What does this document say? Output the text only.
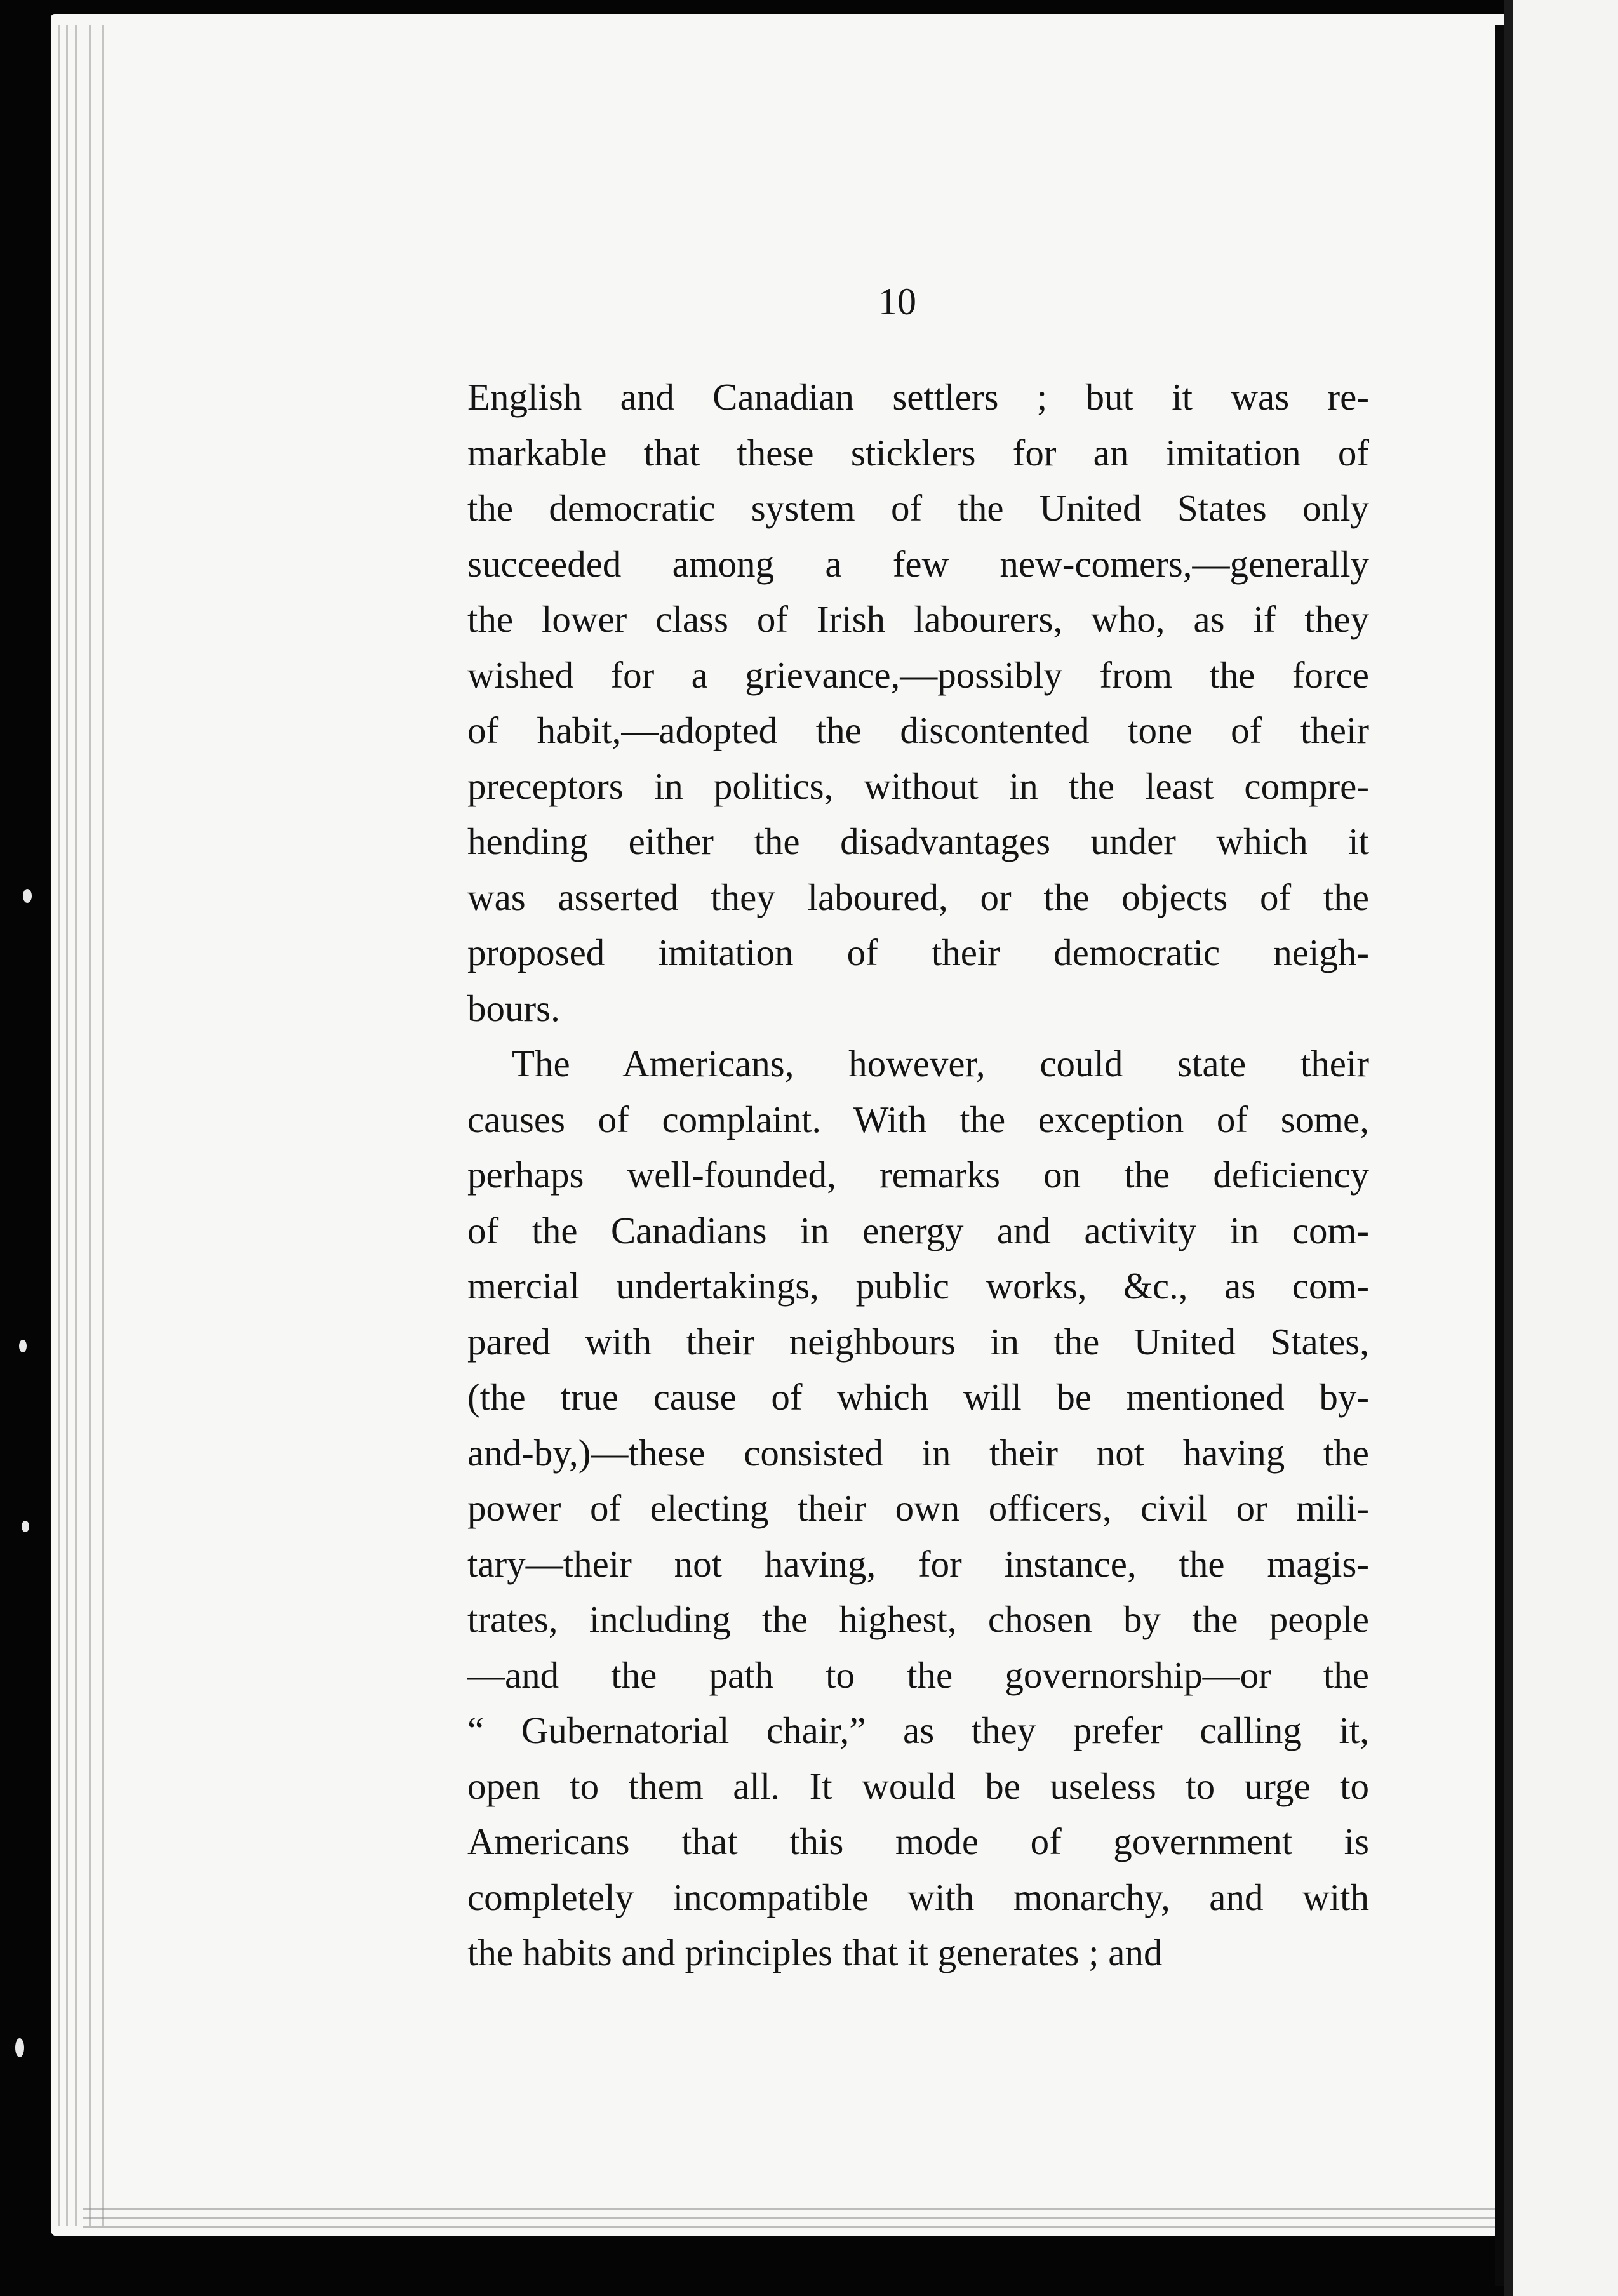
10
English and Canadian settlers ; but it was re-
markable that these sticklers for an imitation of
the democratic system of the United States only
succeeded among a few new-comers,—generally
the lower class of Irish labourers, who, as if they
wished for a grievance,—possibly from the force
of habit,—adopted the discontented tone of their
preceptors in politics, without in the least compre-
hending either the disadvantages under which it
was asserted they laboured, or the objects of the
proposed imitation of their democratic neigh-
bours.
The Americans, however, could state their
causes of complaint. With the exception of some,
perhaps well-founded, remarks on the deficiency
of the Canadians in energy and activity in com-
mercial undertakings, public works, &c., as com-
pared with their neighbours in the United States,
(the true cause of which will be mentioned by-
and-by,)—these consisted in their not having the
power of electing their own officers, civil or mili-
tary—their not having, for instance, the magis-
trates, including the highest, chosen by the people
—and the path to the governorship—or the
“ Gubernatorial chair,” as they prefer calling it,
open to them all. It would be useless to urge to
Americans that this mode of government is
completely incompatible with monarchy, and with
the habits and principles that it generates ; and
